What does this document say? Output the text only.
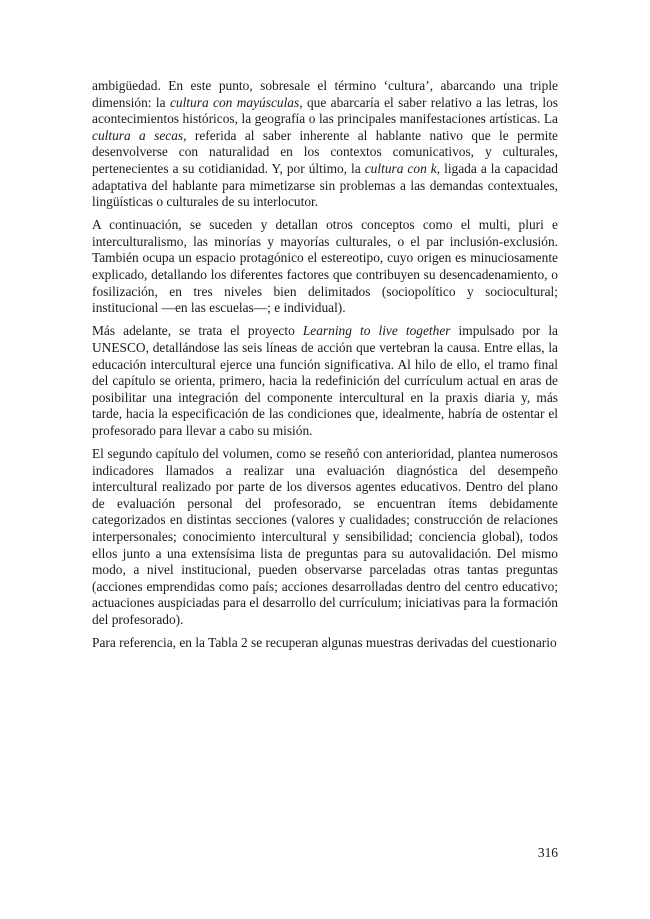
ambigüedad. En este punto, sobresale el término ‘cultura’, abarcando una triple dimensión: la cultura con mayúsculas, que abarcaría el saber relativo a las letras, los acontecimientos históricos, la geografía o las principales manifestaciones artísticas. La cultura a secas, referida al saber inherente al hablante nativo que le permite desenvolverse con naturalidad en los contextos comunicativos, y culturales, pertenecientes a su cotidianidad. Y, por último, la cultura con k, ligada a la capacidad adaptativa del hablante para mimetizarse sin problemas a las demandas contextuales, lingüísticas o culturales de su interlocutor.

A continuación, se suceden y detallan otros conceptos como el multi, pluri e interculturalismo, las minorías y mayorías culturales, o el par inclusión-exclusión. También ocupa un espacio protagónico el estereotipo, cuyo origen es minuciosamente explicado, detallando los diferentes factores que contribuyen su desencadenamiento, o fosilización, en tres niveles bien delimitados (sociopolítico y sociocultural; institucional —en las escuelas—; e individual).

Más adelante, se trata el proyecto Learning to live together impulsado por la UNESCO, detallándose las seis líneas de acción que vertebran la causa. Entre ellas, la educación intercultural ejerce una función significativa. Al hilo de ello, el tramo final del capítulo se orienta, primero, hacia la redefinición del currículum actual en aras de posibilitar una integración del componente intercultural en la praxis diaria y, más tarde, hacia la especificación de las condiciones que, idealmente, habría de ostentar el profesorado para llevar a cabo su misión.

El segundo capítulo del volumen, como se reseñó con anterioridad, plantea numerosos indicadores llamados a realizar una evaluación diagnóstica del desempeño intercultural realizado por parte de los diversos agentes educativos. Dentro del plano de evaluación personal del profesorado, se encuentran ítems debidamente categorizados en distintas secciones (valores y cualidades; construcción de relaciones interpersonales; conocimiento intercultural y sensibilidad; conciencia global), todos ellos junto a una extensísima lista de preguntas para su autovalidación. Del mismo modo, a nivel institucional, pueden observarse parceladas otras tantas preguntas (acciones emprendidas como país; acciones desarrolladas dentro del centro educativo; actuaciones auspiciadas para el desarrollo del currículum; iniciativas para la formación del profesorado).

Para referencia, en la Tabla 2 se recuperan algunas muestras derivadas del cuestionario

316
